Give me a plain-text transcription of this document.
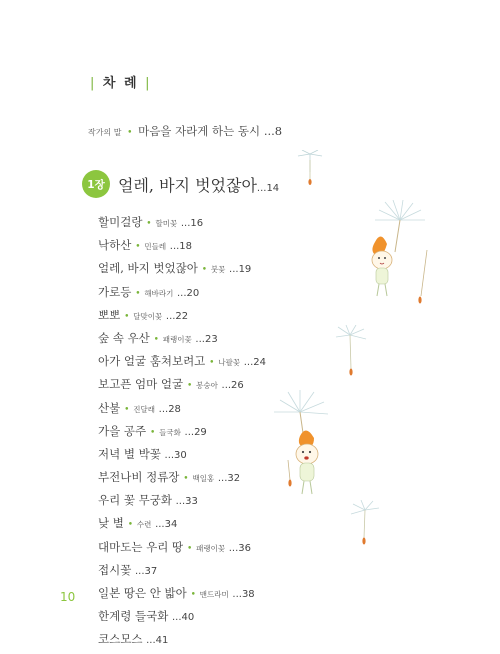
| 차 례 |
작가의 말 • 마음을 자라게 하는 동시 ...8
1장 얼레, 바지 벗었잖아...14
할미걸랑 • 할미꽃 ...16
낙하산 • 민들레 ...18
얼레, 바지 벗었잖아 • 붓꽃 ...19
가로등 • 해바라기 ...20
뽀뽀 • 달맞이꽃 ...22
숲 속 우산 • 패랭이꽃 ...23
아가 얼굴 훔쳐보려고 • 나팔꽃 ...24
보고픈 엄마 얼굴 • 봉숭아 ...26
산불 • 진달래 ...28
가을 공주 • 들국화 ...29
저녁 별 박꽃 ...30
부전나비 정류장 • 백일홍 ...32
우리 꽃 무궁화 ...33
낮 별 • 수련 ...34
대마도는 우리 땅 • 패랭이꽃 ...36
접시꽃 ...37
일본 땅은 안 밟아 • 맨드라미 ...38
한계령 들국화 ...40
코스모스 ...41
10
